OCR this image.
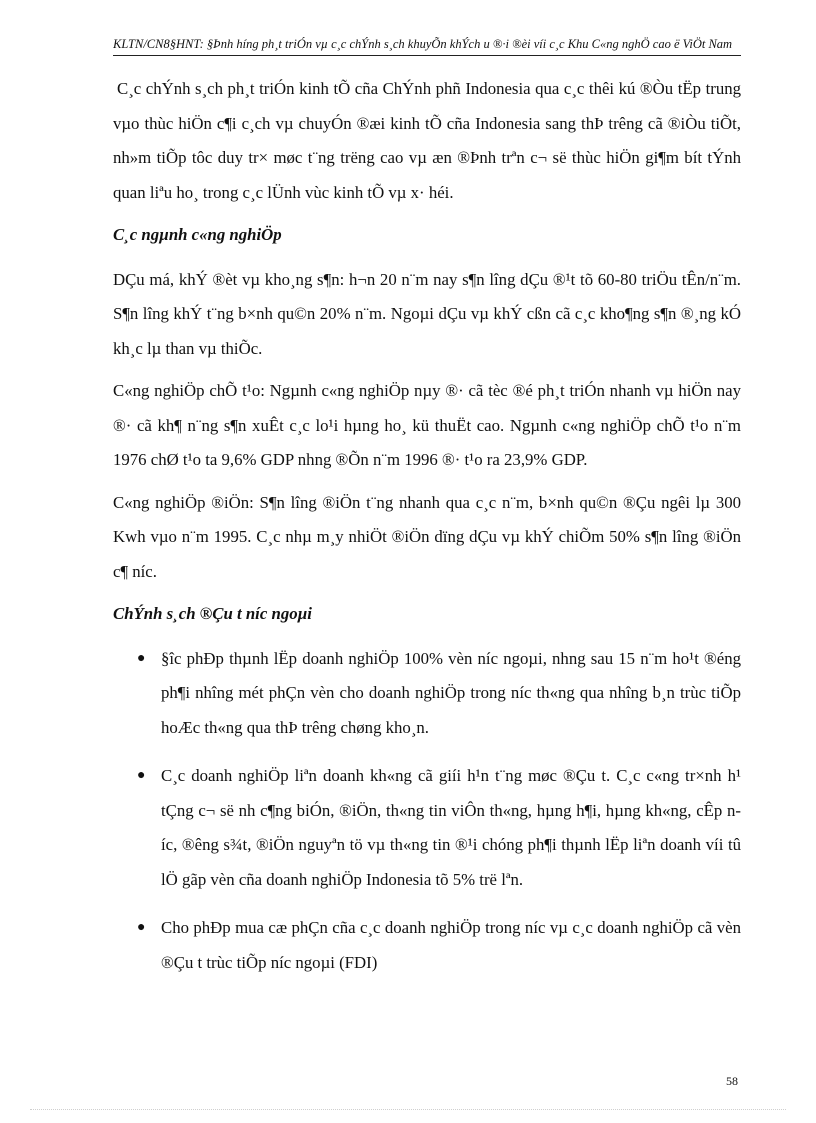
KLTN/CN8§HNT: §Þnh híng ph¸t triÓn vµ c¸c chÝnh s¸ch khuyÕn khÝch u ®·i ®èi víi c¸c Khu C«ng nghÖ cao ë ViÖt Nam

C¸c chÝnh s¸ch ph¸t triÓn kinh tÕ cña ChÝnh phñ Indonesia qua c¸c thêi kú ®Òu tËp trung vµo thùc hiÖn c¶i c¸ch vµ chuyÓn ®æi kinh tÕ cña Indonesia sang thÞ trêng cã ®iÒu tiÕt, nh»m tiÕp tôc duy tr× møc t¨ng trëng cao vµ æn ®Þnh trªn c¬ së thùc hiÖn gi¶m bít tÝnh quan liªu ho¸ trong c¸c lÜnh vùc kinh tÕ vµ x· héi.

C¸c ngµnh c«ng nghiÖp

DÇu má, khÝ ®èt vµ kho¸ng s¶n: h¬n 20 n¨m nay s¶n lîng dÇu ®¹t tõ 60-80 triÖu tÊn/n¨m. S¶n lîng khÝ t¨ng b×nh qu©n 20% n¨m. Ngoµi dÇu vµ khÝ cßn cã c¸c kho¶ng s¶n ®¸ng kÓ kh¸c lµ than vµ thiÕc.

C«ng nghiÖp chÕ t¹o: Ngµnh c«ng nghiÖp nµy ®· cã tèc ®é ph¸t triÓn nhanh vµ hiÖn nay ®· cã kh¶ n¨ng s¶n xuÊt c¸c lo¹i hµng ho¸ kü thuËt cao. Ngµnh c«ng nghiÖp chÕ t¹o n¨m 1976 chØ t¹o ta 9,6% GDP nhng ®Õn n¨m 1996 ®· t¹o ra 23,9% GDP.

C«ng nghiÖp ®iÖn: S¶n lîng ®iÖn t¨ng nhanh qua c¸c n¨m, b×nh qu©n ®Çu ngêi lµ 300 Kwh vµo n¨m 1995. C¸c nhµ m¸y nhiÖt ®iÖn dïng dÇu vµ khÝ chiÕm 50% s¶n lîng ®iÖn c¶ níc.

ChÝnh s¸ch ®Çu t níc ngoµi
● §îc phÐp thµnh lËp doanh nghiÖp 100% vèn níc ngoµi, nhng sau 15 n¨m ho¹t ®éng ph¶i nhîng mét phÇn vèn cho doanh nghiÖp trong níc th«ng qua nhîng b¸n trùc tiÕp hoÆc th«ng qua thÞ trêng chøng kho¸n.
● C¸c doanh nghiÖp liªn doanh kh«ng cã giíi h¹n t¨ng møc ®Çu t. C¸c c«ng tr×nh h¹ tÇng c¬ së nh c¶ng biÓn, ®iÖn, th«ng tin viÔn th«ng, hµng h¶i, hµng kh«ng, cÊp níc, ®êng s¾t, ®iÖn nguyªn tö vµ th«ng tin ®¹i chóng ph¶i thµnh lËp liªn doanh víi tû lÖ gãp vèn cña doanh nghiÖp Indonesia tõ 5% trë lªn.
● Cho phÐp mua cæ phÇn cña c¸c doanh nghiÖp trong níc vµ c¸c doanh nghiÖp cã vèn ®Çu t trùc tiÕp níc ngoµi (FDI)
58
